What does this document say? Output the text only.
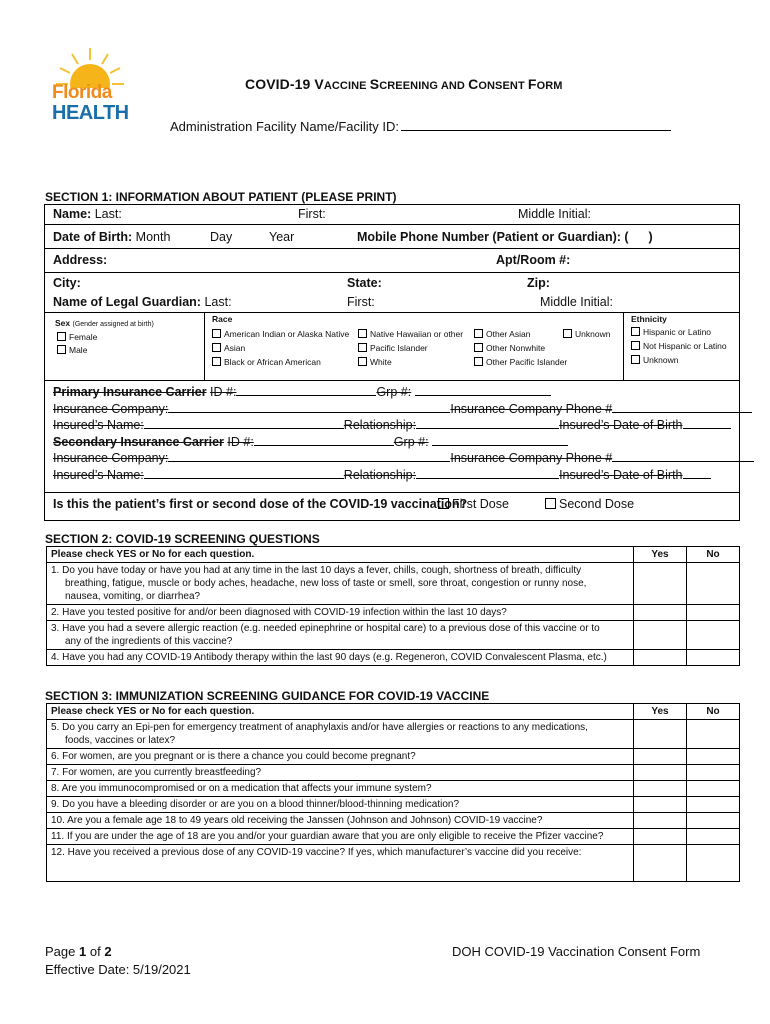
Florida
HEALTH
COVID-19 VACCINE SCREENING AND CONSENT FORM
Administration Facility Name/Facility ID:
SECTION 1: INFORMATION ABOUT PATIENT (PLEASE PRINT)
Name: Last:	First:	Middle Initial:
Date of Birth: Month	Day	Year	Mobile Phone Number (Patient or Guardian): ( )
Address:	Apt/Room #:
City:	State:	Zip:
Name of Legal Guardian: Last:	First:	Middle Initial:
Sex (Gender assigned at birth)
Female
Male
Race
American Indian or Alaska Native
Asian
Black or African American
Native Hawaiian or other
Pacific Islander
White
Other Asian
Other Nonwhite
Other Pacific Islander
Unknown
Ethnicity
Hispanic or Latino
Not Hispanic or Latino
Unknown
Primary Insurance Carrier ID #:	Grp #:
Insurance Company:	Insurance Company Phone #
Insured’s Name:	Relationship:	Insured’s Date of Birth
Secondary Insurance Carrier ID #:	Grp #:
Insurance Company:	Insurance Company Phone #
Insured’s Name:	Relationship:	Insured’s Date of Birth
Is this the patient’s first or second dose of the COVID-19 vaccination?
First Dose	Second Dose
SECTION 2: COVID-19 SCREENING QUESTIONS
Please check YES or No for each question.	Yes	No
1. Do you have today or have you had at any time in the last 10 days a fever, chills, cough, shortness of breath, difficulty
breathing, fatigue, muscle or body aches, headache, new loss of taste or smell, sore throat, congestion or runny nose,
nausea, vomiting, or diarrhea?		

2. Have you tested positive for and/or been diagnosed with COVID-19 infection within the last 10 days?		
3. Have you had a severe allergic reaction (e.g. needed epinephrine or hospital care) to a previous dose of this vaccine or to
any of the ingredients of this vaccine?		

4. Have you had any COVID-19 Antibody therapy within the last 90 days (e.g. Regeneron, COVID Convalescent Plasma, etc.)		
SECTION 3: IMMUNIZATION SCREENING GUIDANCE FOR COVID-19 VACCINE
Please check YES or No for each question.	Yes	No
5. Do you carry an Epi-pen for emergency treatment of anaphylaxis and/or have allergies or reactions to any medications,
foods, vaccines or latex?		

6. For women, are you pregnant or is there a chance you could become pregnant?		
7. For women, are you currently breastfeeding?		
8. Are you immunocompromised or on a medication that affects your immune system?		
9. Do you have a bleeding disorder or are you on a blood thinner/blood-thinning medication?		
10. Are you a female age 18 to 49 years old receiving the Janssen (Johnson and Johnson) COVID-19 vaccine?		
11. If you are under the age of 18 are you and/or your guardian aware that you are only eligible to receive the Pfizer vaccine?		
12. Have you received a previous dose of any COVID-19 vaccine? If yes, which manufacturer’s vaccine did you receive:		
Page 1 of 2
Effective Date: 5/19/2021
DOH COVID-19 Vaccination Consent Form
